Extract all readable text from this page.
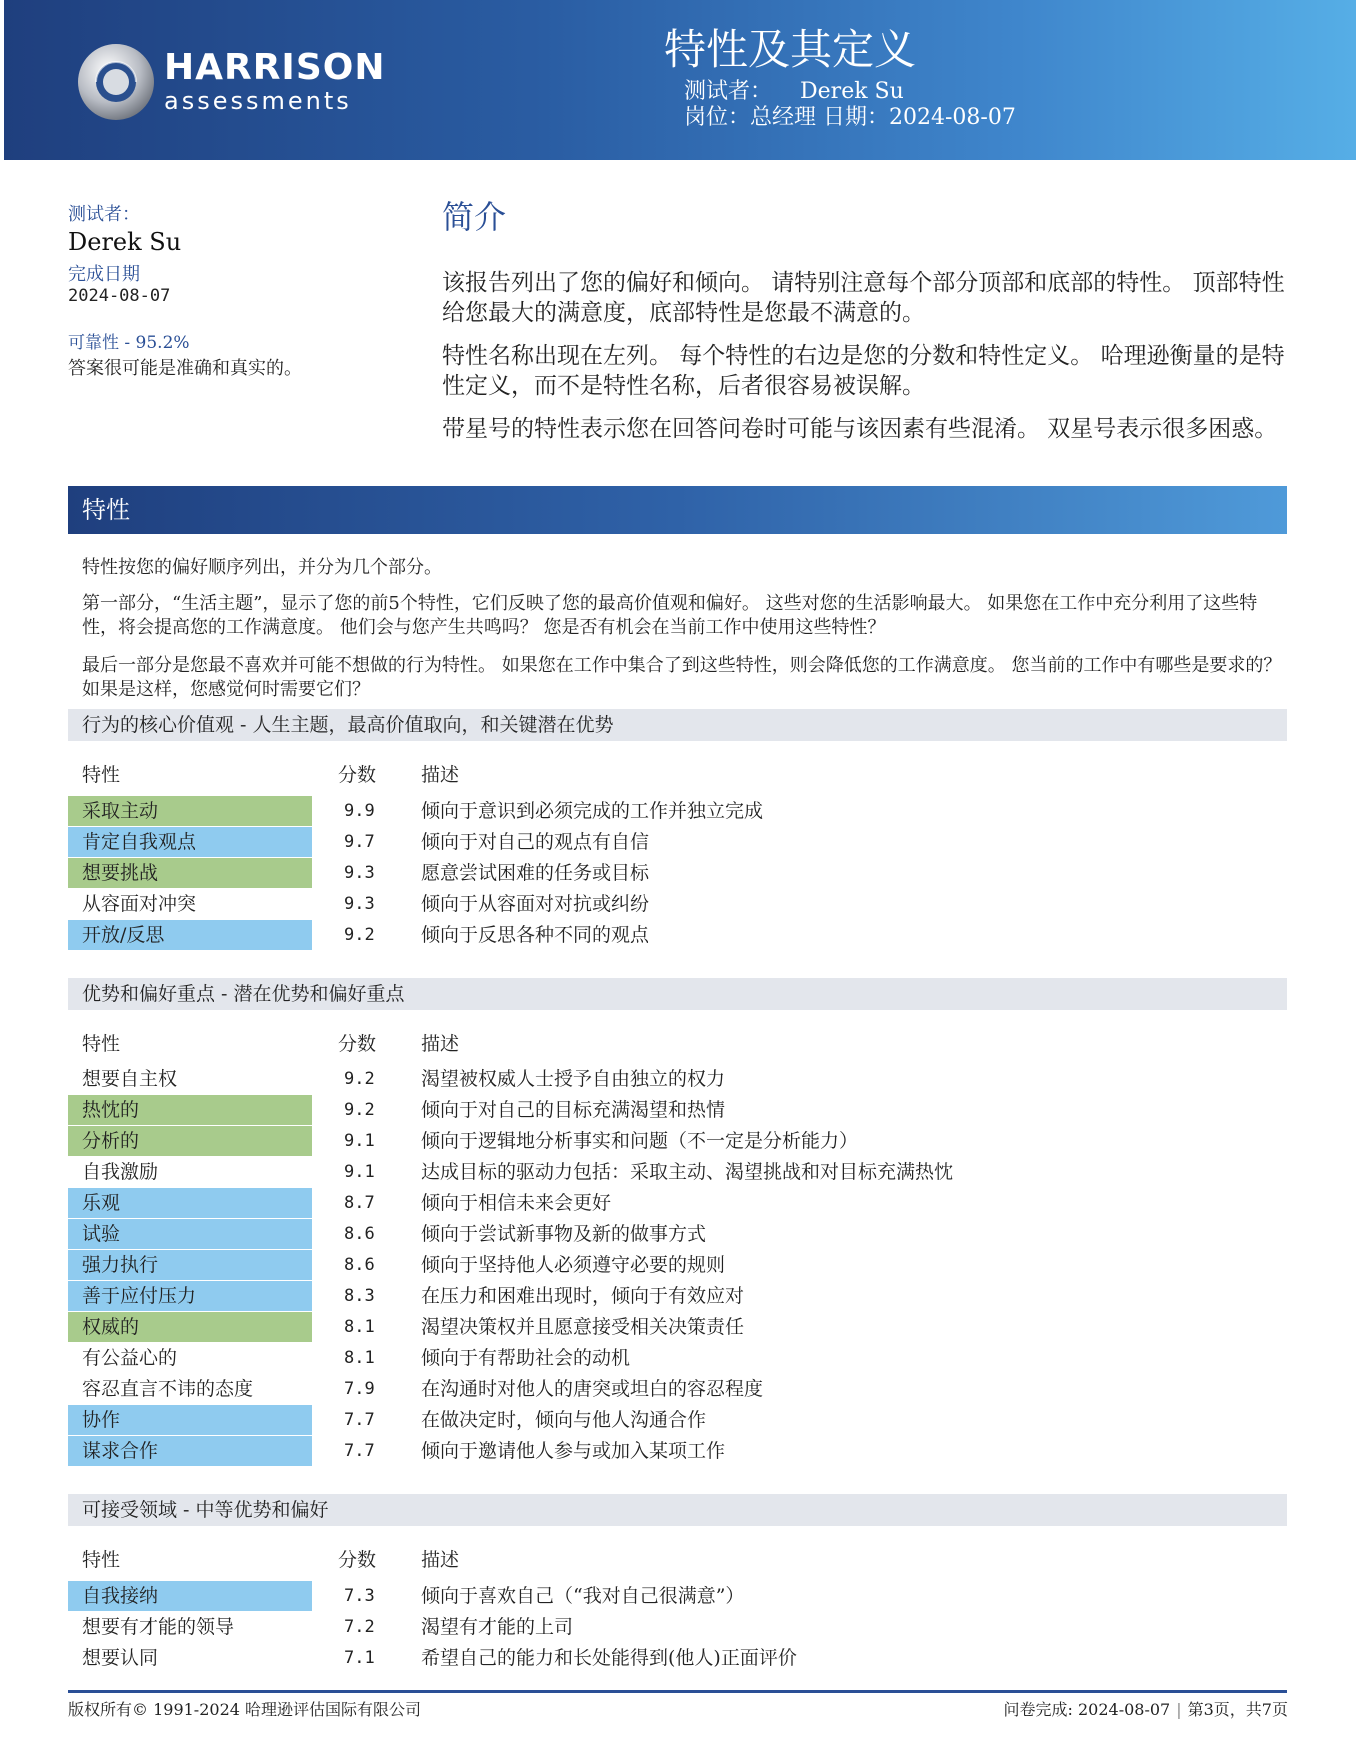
HARRISON
assessments
特性及其定义
测试者： Derek Su
岗位：总经理 日期：2024-08-07
测试者：
Derek Su
完成日期
2024-08-07
可靠性 - 95.2%
答案很可能是准确和真实的。
简介
该报告列出了您的偏好和倾向。 请特别注意每个部分顶部和底部的特性。 顶部特性给您最大的满意度，底部特性是您最不满意的。
特性名称出现在左列。 每个特性的右边是您的分数和特性定义。 哈理逊衡量的是特性定义，而不是特性名称，后者很容易被误解。
带星号的特性表示您在回答问卷时可能与该因素有些混淆。 双星号表示很多困惑。
特性
特性按您的偏好顺序列出，并分为几个部分。
第一部分，“生活主题”，显示了您的前5个特性，它们反映了您的最高价值观和偏好。 这些对您的生活影响最大。 如果您在工作中充分利用了这些特性，将会提高您的工作满意度。 他们会与您产生共鸣吗？ 您是否有机会在当前工作中使用这些特性？
最后一部分是您最不喜欢并可能不想做的行为特性。 如果您在工作中集合了到这些特性，则会降低您的工作满意度。 您当前的工作中有哪些是要求的？ 如果是这样，您感觉何时需要它们？
行为的核心价值观 - 人生主题，最高价值取向，和关键潜在优势
特性	分数 描述
采取主动	9.9 倾向于意识到必须完成的工作并独立完成
肯定自我观点	9.7 倾向于对自己的观点有自信
想要挑战	9.3 愿意尝试困难的任务或目标
从容面对冲突	9.3 倾向于从容面对对抗或纠纷
开放/反思	9.2 倾向于反思各种不同的观点
优势和偏好重点 - 潜在优势和偏好重点
特性	分数 描述
想要自主权	9.2 渴望被权威人士授予自由独立的权力
热忱的	9.2 倾向于对自己的目标充满渴望和热情
分析的	9.1 倾向于逻辑地分析事实和问题（不一定是分析能力）
自我激励	9.1 达成目标的驱动力包括：采取主动、渴望挑战和对目标充满热忱
乐观	8.7 倾向于相信未来会更好
试验	8.6 倾向于尝试新事物及新的做事方式
强力执行	8.6 倾向于坚持他人必须遵守必要的规则
善于应付压力	8.3 在压力和困难出现时，倾向于有效应对
权威的	8.1 渴望决策权并且愿意接受相关决策责任
有公益心的	8.1 倾向于有帮助社会的动机
容忍直言不讳的态度	7.9 在沟通时对他人的唐突或坦白的容忍程度
协作	7.7 在做决定时，倾向与他人沟通合作
谋求合作	7.7 倾向于邀请他人参与或加入某项工作
可接受领域 - 中等优势和偏好
特性	分数 描述
自我接纳	7.3 倾向于喜欢自己（“我对自己很满意”）
想要有才能的领导	7.2 渴望有才能的上司
想要认同	7.1 希望自己的能力和长处能得到(他人)正面评价
版权所有© 1991-2024 哈理逊评估国际有限公司	问卷完成: 2024-08-07 | 第3页，共7页
